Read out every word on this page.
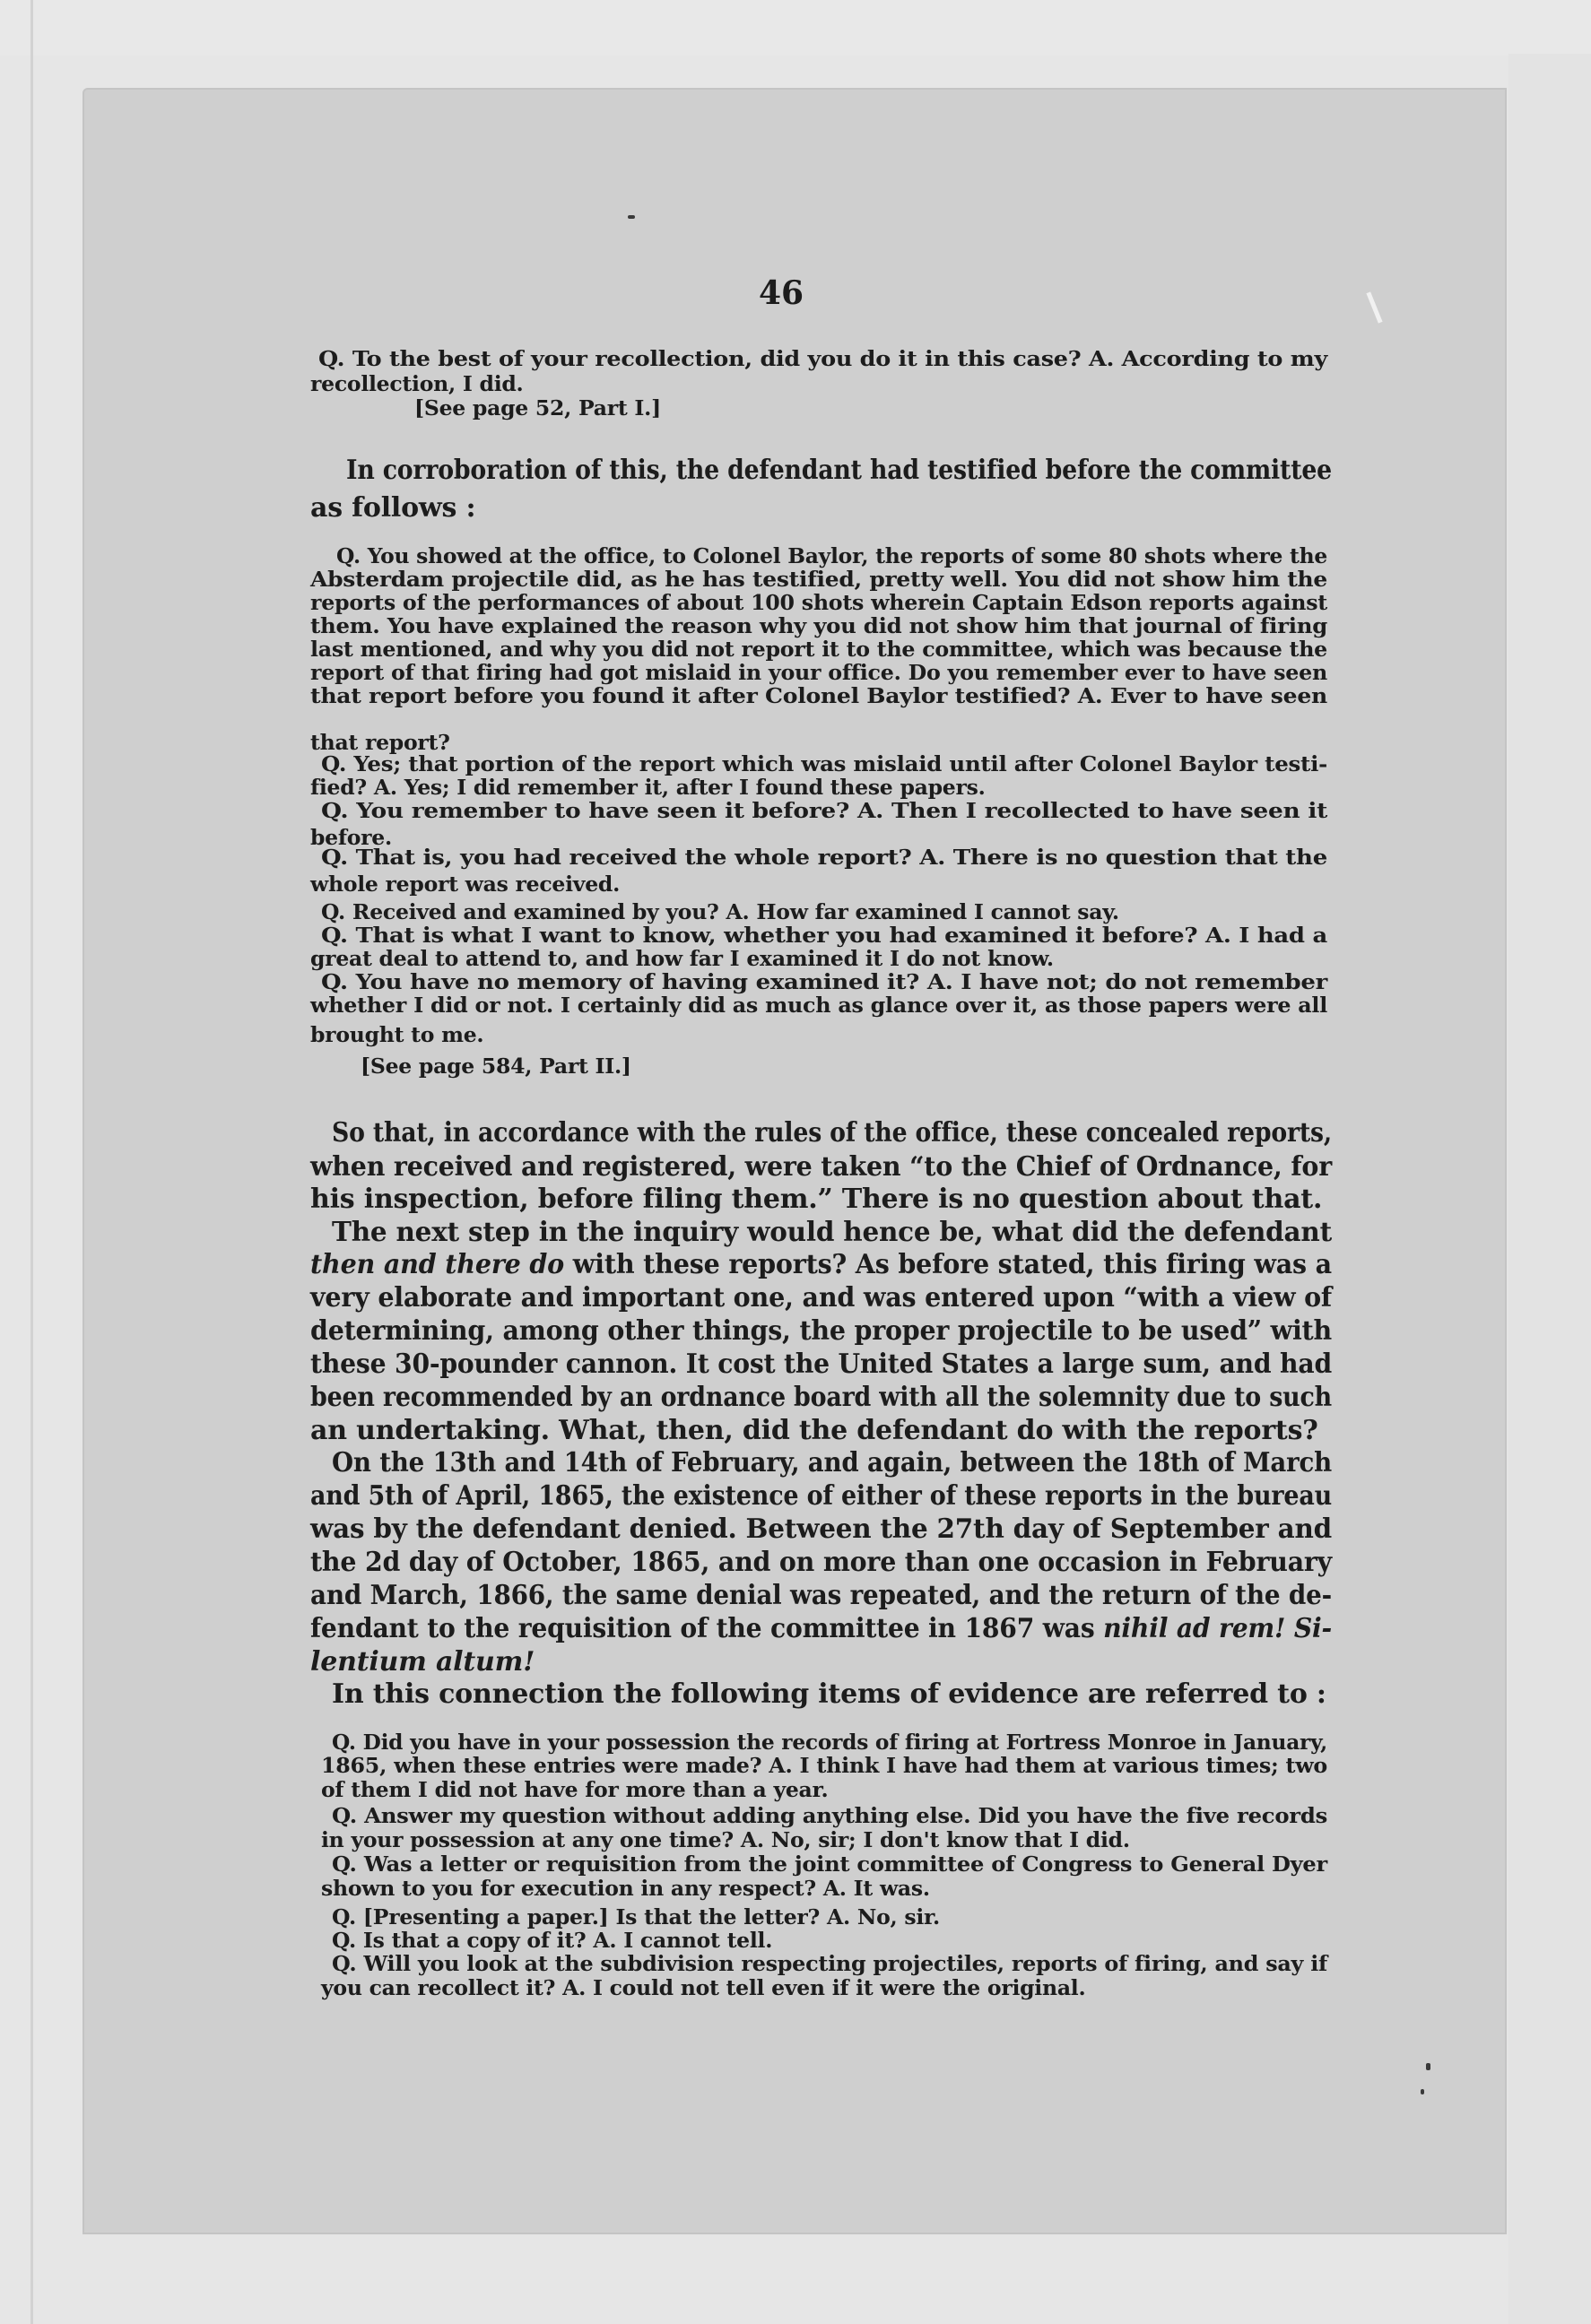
46
Q. To the best of your recollection, did you do it in this case? A. According to my
recollection, I did.
[See page 52, Part I.]
In corroboration of this, the defendant had testified before the committee
as follows :
Q. You showed at the office, to Colonel Baylor, the reports of some 80 shots where the
Absterdam projectile did, as he has testified, pretty well. You did not show him the
reports of the performances of about 100 shots wherein Captain Edson reports against
them. You have explained the reason why you did not show him that journal of firing
last mentioned, and why you did not report it to the committee, which was because the
report of that firing had got mislaid in your office. Do you remember ever to have seen
that report before you found it after Colonel Baylor testified? A. Ever to have seen
that report?
Q. Yes; that portion of the report which was mislaid until after Colonel Baylor testi-
fied? A. Yes; I did remember it, after I found these papers.
Q. You remember to have seen it before? A. Then I recollected to have seen it
before.
Q. That is, you had received the whole report? A. There is no question that the
whole report was received.
Q. Received and examined by you? A. How far examined I cannot say.
Q. That is what I want to know, whether you had examined it before? A. I had a
great deal to attend to, and how far I examined it I do not know.
Q. You have no memory of having examined it? A. I have not; do not remember
whether I did or not. I certainly did as much as glance over it, as those papers were all
brought to me.
[See page 584, Part II.]
So that, in accordance with the rules of the office, these concealed reports,
when received and registered, were taken “to the Chief of Ordnance, for
his inspection, before filing them.” There is no question about that.
The next step in the inquiry would hence be, what did the defendant
then and there do with these reports? As before stated, this firing was a
very elaborate and important one, and was entered upon “with a view of
determining, among other things, the proper projectile to be used” with
these 30-pounder cannon. It cost the United States a large sum, and had
been recommended by an ordnance board with all the solemnity due to such
an undertaking. What, then, did the defendant do with the reports?
On the 13th and 14th of February, and again, between the 18th of March
and 5th of April, 1865, the existence of either of these reports in the bureau
was by the defendant denied. Between the 27th day of September and
the 2d day of October, 1865, and on more than one occasion in February
and March, 1866, the same denial was repeated, and the return of the de-
fendant to the requisition of the committee in 1867 was nihil ad rem! Si-
lentium altum!
In this connection the following items of evidence are referred to :
Q. Did you have in your possession the records of firing at Fortress Monroe in January,
1865, when these entries were made? A. I think I have had them at various times; two
of them I did not have for more than a year.
Q. Answer my question without adding anything else. Did you have the five records
in your possession at any one time? A. No, sir; I don't know that I did.
Q. Was a letter or requisition from the joint committee of Congress to General Dyer
shown to you for execution in any respect? A. It was.
Q. [Presenting a paper.] Is that the letter? A. No, sir.
Q. Is that a copy of it? A. I cannot tell.
Q. Will you look at the subdivision respecting projectiles, reports of firing, and say if
you can recollect it? A. I could not tell even if it were the original.
